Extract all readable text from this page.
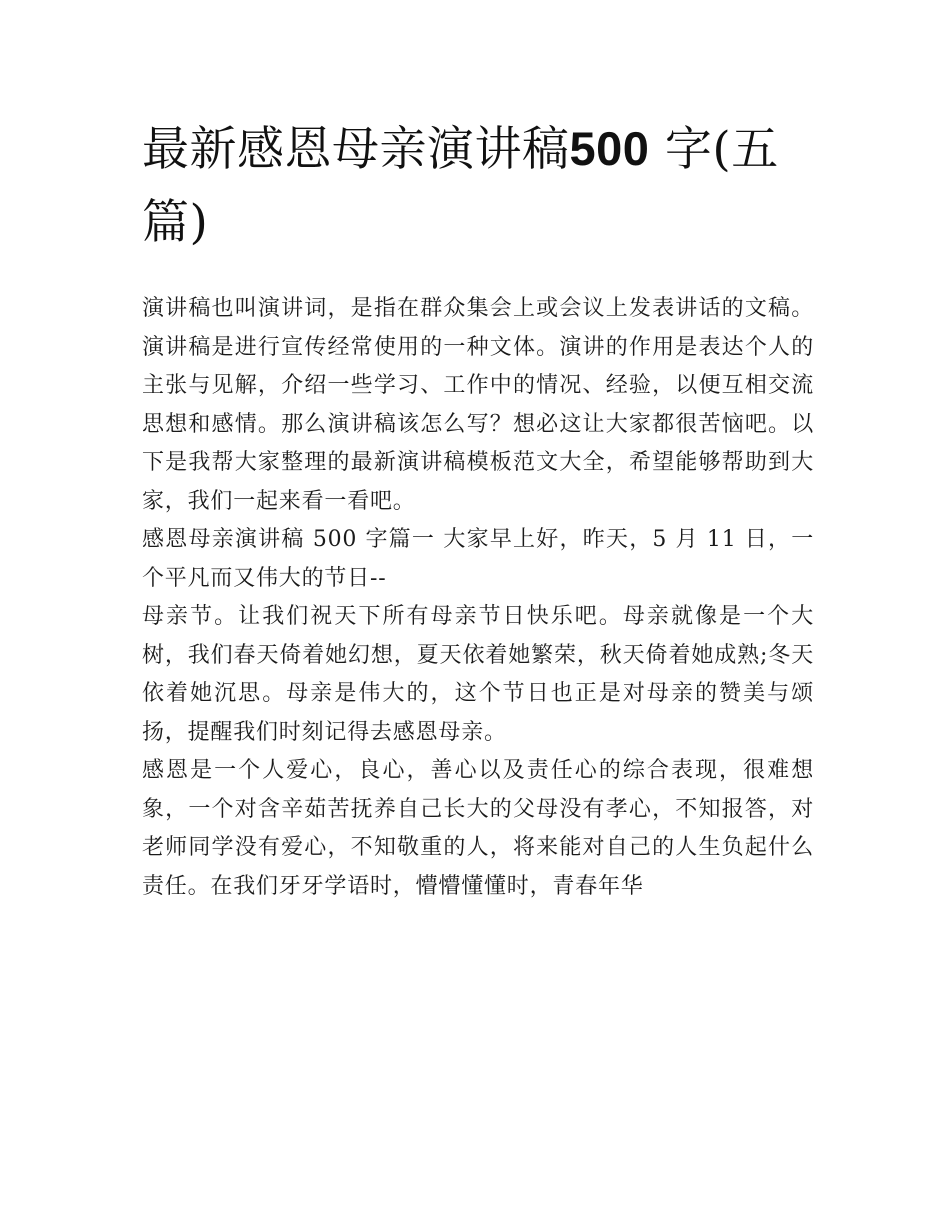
最新感恩母亲演讲稿500 字(五
篇)

演讲稿也叫演讲词，是指在群众集会上或会议上发表讲话的文稿。演讲稿是进行宣传经常使用的一种文体。演讲的作用是表达个人的主张与见解，介绍一些学习、工作中的情况、经验，以便互相交流思想和感情。那么演讲稿该怎么写？想必这让大家都很苦恼吧。以下是我帮大家整理的最新演讲稿模板范文大全，希望能够帮助到大家，我们一起来看一看吧。

感恩母亲演讲稿 500 字篇一 大家早上好，昨天，5 月 11 日，一个平凡而又伟大的节日--

母亲节。让我们祝天下所有母亲节日快乐吧。母亲就像是一个大树，我们春天倚着她幻想，夏天依着她繁荣，秋天倚着她成熟;冬天依着她沉思。母亲是伟大的，这个节日也正是对母亲的赞美与颂扬，提醒我们时刻记得去感恩母亲。

感恩是一个人爱心，良心，善心以及责任心的综合表现，很难想象，一个对含辛茹苦抚养自己长大的父母没有孝心，不知报答，对老师同学没有爱心，不知敬重的人，将来能对自己的人生负起什么责任。在我们牙牙学语时，懵懵懂懂时，青春年华
